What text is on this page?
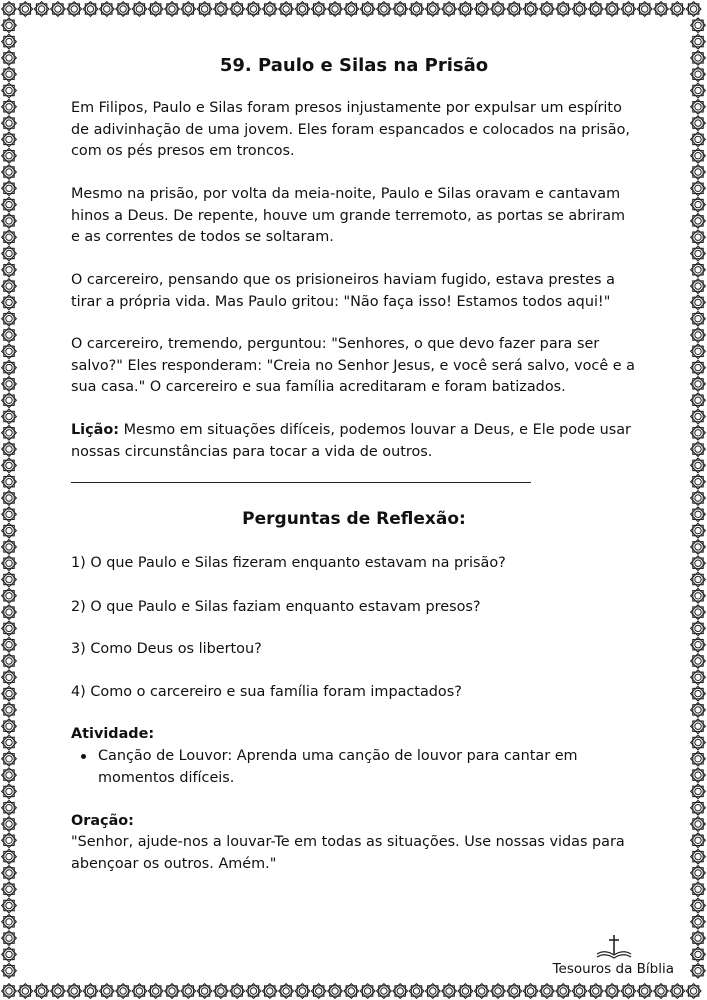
59. Paulo e Silas na Prisão

Em Filipos, Paulo e Silas foram presos injustamente por expulsar um espírito de adivinhação de uma jovem. Eles foram espancados e colocados na prisão, com os pés presos em troncos.

Mesmo na prisão, por volta da meia-noite, Paulo e Silas oravam e cantavam hinos a Deus. De repente, houve um grande terremoto, as portas se abriram e as correntes de todos se soltaram.

O carcereiro, pensando que os prisioneiros haviam fugido, estava prestes a tirar a própria vida. Mas Paulo gritou: "Não faça isso! Estamos todos aqui!"

O carcereiro, tremendo, perguntou: "Senhores, o que devo fazer para ser salvo?" Eles responderam: "Creia no Senhor Jesus, e você será salvo, você e a sua casa." O carcereiro e sua família acreditaram e foram batizados.

Lição: Mesmo em situações difíceis, podemos louvar a Deus, e Ele pode usar nossas circunstâncias para tocar a vida de outros.

Perguntas de Reflexão:

1) O que Paulo e Silas fizeram enquanto estavam na prisão?

2) O que Paulo e Silas faziam enquanto estavam presos?

3) Como Deus os libertou?

4) Como o carcereiro e sua família foram impactados?

Atividade:

Canção de Louvor: Aprenda uma canção de louvor para cantar em momentos difíceis.

Oração:

"Senhor, ajude-nos a louvar-Te em todas as situações. Use nossas vidas para abençoar os outros. Amém."

Tesouros da Bíblia
